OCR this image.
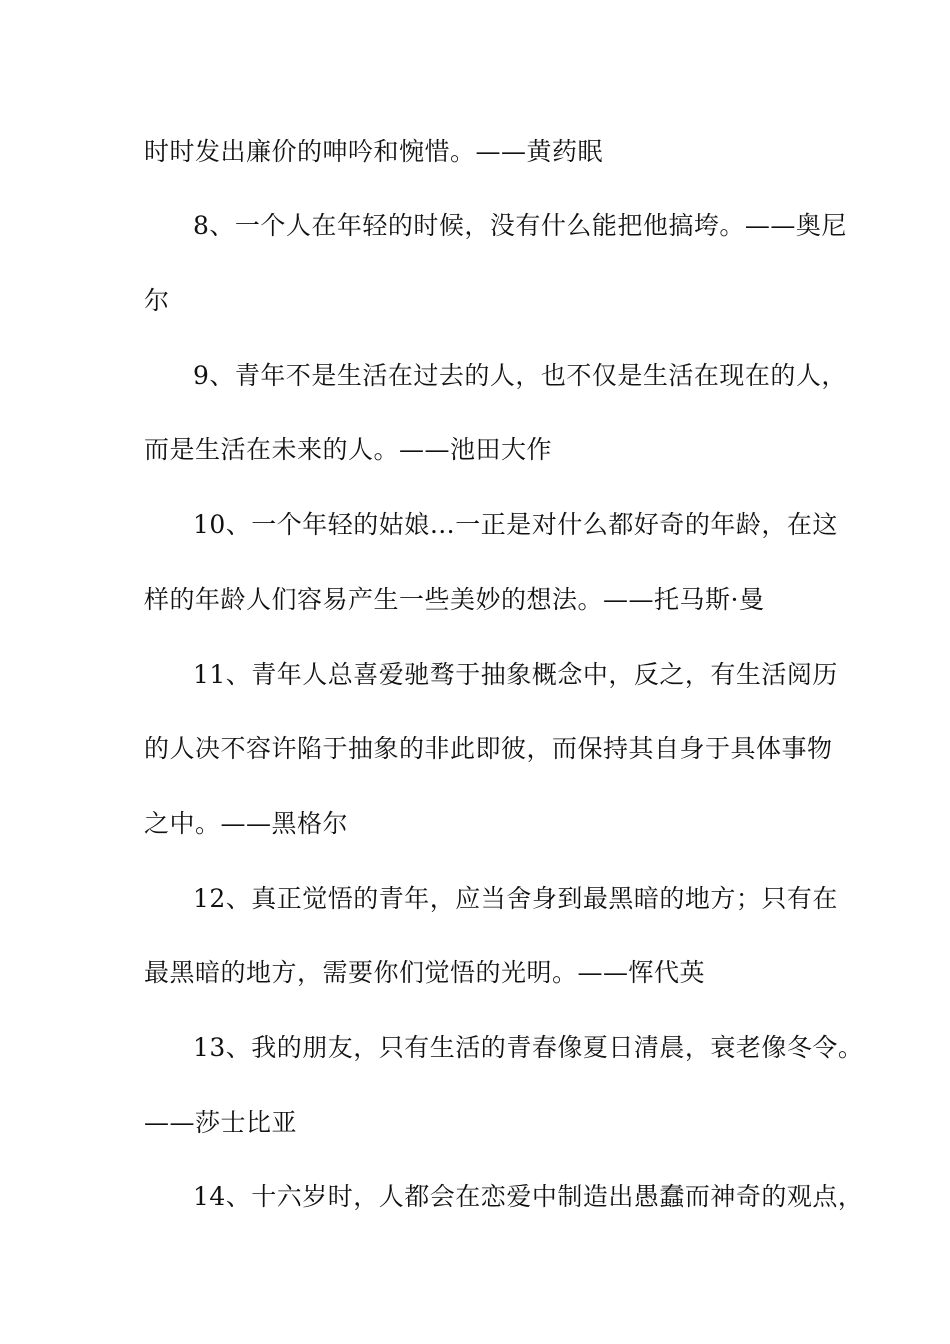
时时发出廉价的呻吟和惋惜。——黄药眠
8、一个人在年轻的时候，没有什么能把他搞垮。——奥尼
尔
9、青年不是生活在过去的人，也不仅是生活在现在的人，
而是生活在未来的人。——池田大作
10、一个年轻的姑娘…一正是对什么都好奇的年龄，在这
样的年龄人们容易产生一些美妙的想法。——托马斯·曼
11、青年人总喜爱驰骛于抽象概念中，反之，有生活阅历
的人决不容许陷于抽象的非此即彼，而保持其自身于具体事物
之中。——黑格尔
12、真正觉悟的青年，应当舍身到最黑暗的地方；只有在
最黑暗的地方，需要你们觉悟的光明。——恽代英
13、我的朋友，只有生活的青春像夏日清晨，衰老像冬令。
——莎士比亚
14、十六岁时，人都会在恋爱中制造出愚蠢而神奇的观点，
